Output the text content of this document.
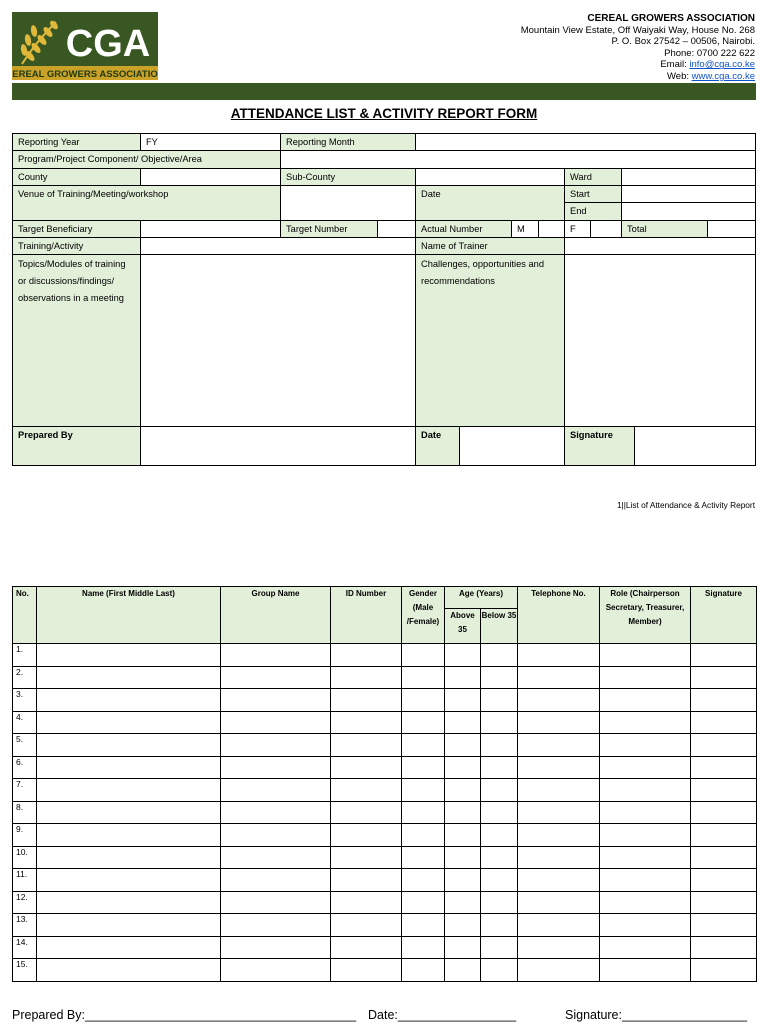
CGA
CEREAL GROWERS ASSOCIATION
CEREAL GROWERS ASSOCIATION
Mountain View Estate, Off Waiyaki Way, House No. 268
P. O. Box 27542 – 00506, Nairobi.
Phone: 0700 222 622
Email: info@cga.co.ke
Web: www.cga.co.ke
ATTENDANCE LIST & ACTIVITY REPORT FORM
Reporting Year	FY	Reporting Month
Program/Project Component/ Objective/Area
County	Sub-County	Ward
Venue of Training/Meeting/workshop	Date	Start
End
Target Beneficiary	Target Number	Actual Number	M	F	Total
Training/Activity	Name of Trainer
Topics/Modules of training or discussions/findings/ observations in a meeting
Challenges, opportunities and recommendations
Prepared By	Date	Signature
1||List of Attendance & Activity Report
No.	Name (First Middle Last)	Group Name	ID Number	Gender (Male /Female)	Age (Years)		Telephone No.	Role (Chairperson Secretary, Treasurer, Member)	Signature
					Above 35	Below 35			
1.									
2.									
3.									
4.									
5.									
6.									
7.									
8.									
9.									
10.									
11.									
12.									
13.									
14.									
15.									
Prepared By:_______________________________________ Date:_________________	Signature:__________________
